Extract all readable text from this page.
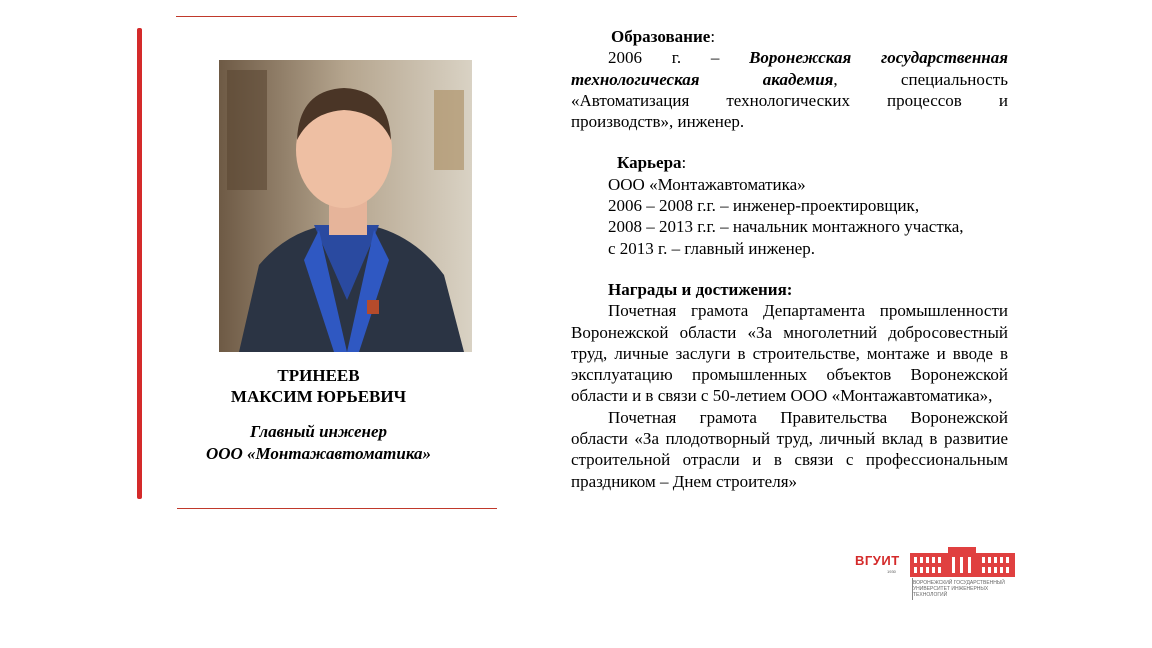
ТРИНЕЕВ
МАКСИМ ЮРЬЕВИЧ
Главный инженер
ООО «Монтажавтоматика»

Образование:

2006 г. – Воронежская государственная технологическая академия, специальность «Автоматизация технологических процессов и производств», инженер.

Карьера:

ООО «Монтажавтоматика»

2006 – 2008 г.г. – инженер-проектировщик,

2008 – 2013 г.г. – начальник монтажного участка,

с 2013 г. – главный инженер.

Награды и достижения:

Почетная грамота Департамента промышленности Воронежской области «За многолетний добросовестный труд, личные заслуги в строительстве, монтаже и вводе в эксплуатацию промышленных объектов Воронежской области и в связи с 50-летием ООО «Монтажавтоматика»,

Почетная грамота Правительства Воронежской области «За плодотворный труд, личный вклад в развитие строительной отрасли и в связи с профессиональным праздником – Днем строителя»

ВГУИТ
1930
ВОРОНЕЖСКИЙ ГОСУДАРСТВЕННЫЙ УНИВЕРСИТЕТ ИНЖЕНЕРНЫХ ТЕХНОЛОГИЙ
